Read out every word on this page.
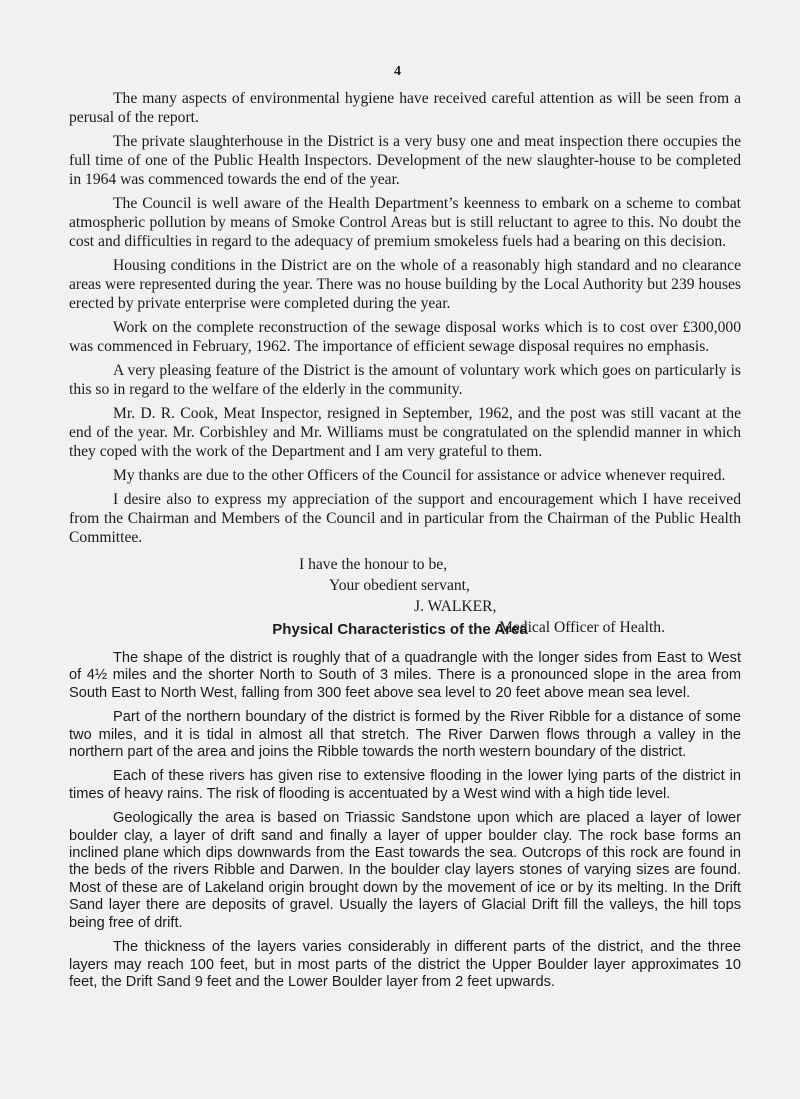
4

The many aspects of environmental hygiene have received careful attention as will be seen from a perusal of the report.

The private slaughterhouse in the District is a very busy one and meat inspection there occupies the full time of one of the Public Health Inspectors. Development of the new slaughter-house to be completed in 1964 was commenced towards the end of the year.

The Council is well aware of the Health Department’s keenness to embark on a scheme to combat atmospheric pollution by means of Smoke Control Areas but is still reluctant to agree to this. No doubt the cost and difficulties in regard to the adequacy of premium smokeless fuels had a bearing on this decision.

Housing conditions in the District are on the whole of a reasonably high standard and no clearance areas were represented during the year. There was no house building by the Local Authority but 239 houses erected by private enterprise were completed during the year.

Work on the complete reconstruction of the sewage disposal works which is to cost over £300,000 was commenced in February, 1962. The importance of efficient sewage disposal requires no emphasis.

A very pleasing feature of the District is the amount of voluntary work which goes on particularly is this so in regard to the welfare of the elderly in the community.

Mr. D. R. Cook, Meat Inspector, resigned in September, 1962, and the post was still vacant at the end of the year. Mr. Corbishley and Mr. Williams must be congratulated on the splendid manner in which they coped with the work of the Department and I am very grateful to them.

My thanks are due to the other Officers of the Council for assistance or advice whenever required.

I desire also to express my appreciation of the support and encouragement which I have received from the Chairman and Members of the Council and in particular from the Chairman of the Public Health Committee.

I have the honour to be,
Your obedient servant,
J. WALKER,
Medical Officer of Health.
Physical Characteristics of the Area

The shape of the district is roughly that of a quadrangle with the longer sides from East to West of 4½ miles and the shorter North to South of 3 miles. There is a pronounced slope in the area from South East to North West, falling from 300 feet above sea level to 20 feet above mean sea level.

Part of the northern boundary of the district is formed by the River Ribble for a distance of some two miles, and it is tidal in almost all that stretch. The River Darwen flows through a valley in the northern part of the area and joins the Ribble towards the north western boundary of the district.

Each of these rivers has given rise to extensive flooding in the lower lying parts of the district in times of heavy rains. The risk of flooding is accentuated by a West wind with a high tide level.

Geologically the area is based on Triassic Sandstone upon which are placed a layer of lower boulder clay, a layer of drift sand and finally a layer of upper boulder clay. The rock base forms an inclined plane which dips downwards from the East towards the sea. Outcrops of this rock are found in the beds of the rivers Ribble and Darwen. In the boulder clay layers stones of varying sizes are found. Most of these are of Lakeland origin brought down by the movement of ice or by its melting. In the Drift Sand layer there are deposits of gravel. Usually the layers of Glacial Drift fill the valleys, the hill tops being free of drift.

The thickness of the layers varies considerably in different parts of the district, and the three layers may reach 100 feet, but in most parts of the district the Upper Boulder layer approximates 10 feet, the Drift Sand 9 feet and the Lower Boulder layer from 2 feet upwards.
